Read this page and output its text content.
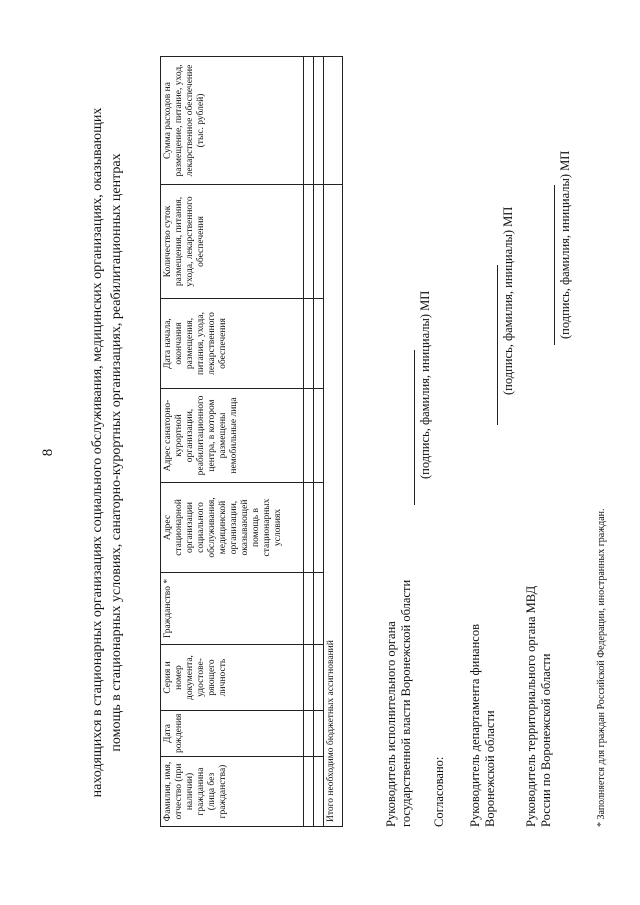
8 находящихся в стационарных организациях социального обслуживания, медицинских организациях, оказывающих помощь в стационарных условиях, санаторно-курортных организациях, реабилитационных центрах
Фамилия, имя, отчество (при наличии) гражданина (лица без гражданства)	Дата рождения	Серия и номер документа, удостове-ряющего личность	Гражданство *	Адрес стационарной организации социального обслуживания, медицинской организации, оказывающей помощь в стационарных условиях	Адрес санаторно-курортной организации, реабилитационного центра, в котором размещены немобильные лица	Дата начала, окончания размещения, питания, ухода, лекарственного обеспечения	Количество суток размещения, питания, ухода, лекарственного обеспечения	Сумма расходов на размещение, питание, уход, лекарственное обеспечение (тыс. рублей)

Итого необходимо бюджетных ассигнований									Руководитель исполнительного органа государственной власти Воронежской области
(подпись, фамилия, инициалы) МП
Согласовано: Руководитель департамента финансов Воронежской области
(подпись, фамилия, инициалы) МП
Руководитель территориального органа МВД России по Воронежской области
(подпись, фамилия, инициалы) МП
* Заполняется для граждан Российской Федерации, иностранных граждан.
